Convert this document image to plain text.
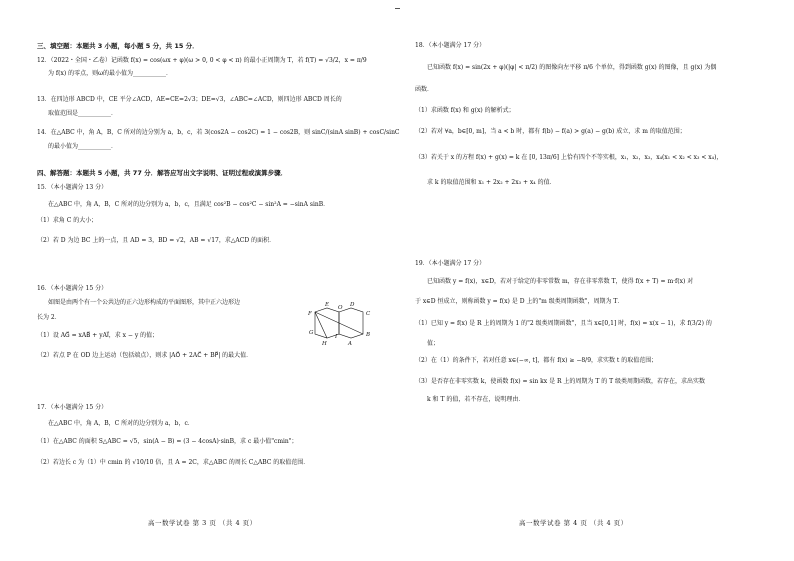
三、填空题：本题共 3 小题，每小题 5 分，共 15 分．
12．（2022・全国・乙卷）记函数 f(x) = cos(ωx + φ)(ω > 0, 0 < φ < π) 的最小正周期为 T，若 f(T) = √3/2，x = π/9
为 f(x) 的零点，则ω的最小值为___________．
13．在四边形 ABCD 中，CE 平分∠ACD，AE=CE=2√3；DE=√3，∠ABC=∠ACD，则四边形 ABCD 周长的
取值范围是___________．
14．在△ABC 中，角 A，B，C 所对的边分别为 a，b，c，若 3(cos2A − cos2C) = 1 − cos2B，则 sinC/(sinA sinB) + cosC/sinC
的最小值为___________．
四、解答题：本题共 5 小题，共 77 分．解答应写出文字说明、证明过程或演算步骤．
15．（本小题满分 13 分）
在△ABC 中，角 A，B，C 所对的边分别为 a，b，c，且满足 cos²B − cos²C − sin²A = −sinA sinB．
（1）求角 C 的大小；
（2）若 D 为边 BC 上的一点，且 AD = 3，BD = √2，AB = √17，求△ACD 的面积．
16．（本小题满分 15 分）
如图是由两个有一个公共边的正六边形构成的平面图形，其中正六边形边
长为 2．
（1）设 AG⃗ = xAB⃗ + yAI⃗，求 x − y 的值；
（2）若点 P 在 OD 边上运动（包括端点），则求 |AO⃗ + 2AC⃗ + BP⃗| 的最大值．
E O
F
G
D
C
H
I
A
B
17．（本小题满分 15 分）
在△ABC 中，角 A，B，C 所对的边分别为 a，b，c．
（1）在△ABC 的面积 S△ABC = √5，sin(A − B) = (3 − 4cosA)·sinB，求 c 最小值"cmin"；
（2）若边长 c 为（1）中 cmin 的 √10/10 倍，且 A = 2C，求△ABC 的周长 C△ABC 的取值范围．
高一数学试卷 第 3 页 （共 4 页）
18．（本小题满分 17 分）
已知函数 f(x) = sin(2x + φ)(|φ| < π/2) 的图像向左平移 π/6 个单位，得到函数 g(x) 的图像，且 g(x) 为偶
函数．
（1）求函数 f(x) 和 g(x) 的解析式；
（2）若对 ∀a，b∈[0, m]，当 a < b 时，都有 f(b) − f(a) > g(a) − g(b) 成立，求 m 的取值范围；
（3）若关于 x 的方程 f(x) + g(x) = k 在 [0, 13π/6] 上恰有四个不等实根，x₁，x₂，x₃，x₄(x₁ < x₂ < x₃ < x₄)，
求 k 的取值范围和 x₁ + 2x₂ + 2x₃ + x₄ 的值．
19．（本小题满分 17 分）
已知函数 y = f(x)，x∈D，若对于给定的非零常数 m，存在非零常数 T，使得 f(x + T) = m·f(x) 对
于 x∈D 恒成立，则称函数 y = f(x) 是 D 上的"m 级类周期函数"，周期为 T．
（1）已知 y = f(x) 是 R 上的周期为 1 的"2 级类周期函数"，且当 x∈[0,1] 时，f(x) = x(x − 1)，求 f(3/2) 的
值；
（2）在（1）的条件下，若对任意 x∈(−∞, t]，都有 f(x) ≥ −8/9，求实数 t 的取值范围；
（3）是否存在非零实数 k，使函数 f(x) = sin kx 是 R 上的周期为 T 的 T 级类周期函数，若存在，求出实数
k 和 T 的值，若不存在，说明理由．
高一数学试卷 第 4 页 （共 4 页）
